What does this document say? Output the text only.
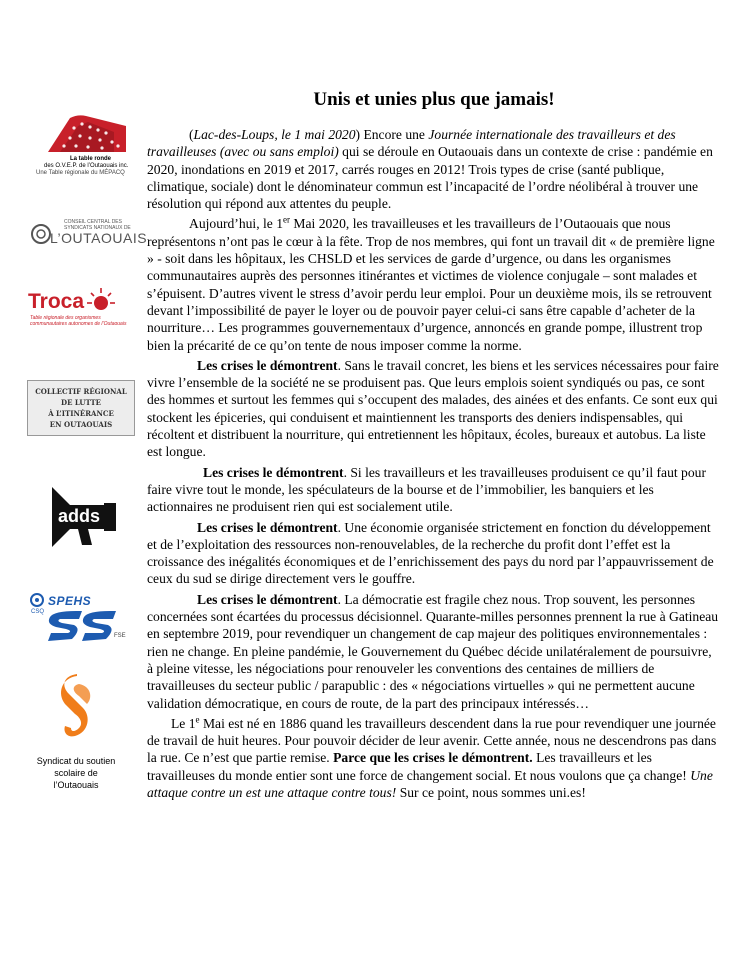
Unis et unies plus que jamais!

(Lac-des-Loups, le 1 mai 2020) Encore une Journée internationale des travailleurs et des travailleuses (avec ou sans emploi) qui se déroule en Outaouais dans un contexte de crise : pandémie en 2020, inondations en 2019 et 2017, carrés rouges en 2012! Trois types de crise (santé publique, climatique, sociale) dont le dénominateur commun est l’incapacité de l’ordre néolibéral à trouver une résolution qui répond aux attentes du peuple.

Aujourd’hui, le 1er Mai 2020, les travailleuses et les travailleurs de l’Outaouais que nous représentons n’ont pas le cœur à la fête. Trop de nos membres, qui font un travail dit « de première ligne » - soit dans les hôpitaux, les CHSLD et les services de garde d’urgence, ou dans les organismes communautaires auprès des personnes itinérantes et victimes de violence conjugale – sont malades et s’épuisent. D’autres vivent le stress d’avoir perdu leur emploi. Pour un deuxième mois, ils se retrouvent devant l’impossibilité de payer le loyer ou de pouvoir payer celui-ci sans être capable d’acheter de la nourriture… Les programmes gouvernementaux d’urgence, annoncés en grande pompe, illustrent trop bien la précarité de ce qu’on tente de nous imposer comme la norme.

Les crises le démontrent. Sans le travail concret, les biens et les services nécessaires pour faire vivre l’ensemble de la société ne se produisent pas. Que leurs emplois soient syndiqués ou pas, ce sont des hommes et surtout les femmes qui s’occupent des malades, des ainées et des enfants. Ce sont eux qui stockent les épiceries, qui conduisent et maintiennent les transports des deniers indispensables, qui récoltent et distribuent la nourriture, qui entretiennent les hôpitaux, écoles, bureaux et autobus. La liste est longue.

Les crises le démontrent. Si les travailleurs et les travailleuses produisent ce qu’il faut pour faire vivre tout le monde, les spéculateurs de la bourse et de l’immobilier, les banquiers et les actionnaires ne produisent rien qui est socialement utile.

Les crises le démontrent. Une économie organisée strictement en fonction du développement et de l’exploitation des ressources non-renouvelables, de la recherche du profit dont l’effet est la croissance des inégalités économiques et de l’enrichissement des pays du nord par l’appauvrissement de ceux du sud se dirige directement vers le gouffre.

Les crises le démontrent. La démocratie est fragile chez nous. Trop souvent, les personnes concernées sont écartées du processus décisionnel. Quarante-milles personnes prennent la rue à Gatineau en septembre 2019, pour revendiquer un changement de cap majeur des politiques environnementales : rien ne change. En pleine pandémie, le Gouvernement du Québec décide unilatéralement de poursuivre, à pleine vitesse, les négociations pour renouveler les conventions des centaines de milliers de travailleuses du secteur public / parapublic : des « négociations virtuelles » qui ne permettent aucune validation démocratique, en cours de route, de la part des principaux intéressés…

Le 1e Mai est né en 1886 quand les travailleurs descendent dans la rue pour revendiquer une journée de travail de huit heures. Pour pouvoir décider de leur avenir. Cette année, nous ne descendrons pas dans la rue. Ce n’est que partie remise. Parce que les crises le démontrent. Les travailleurs et les travailleuses du monde entier sont une force de changement social. Et nous voulons que ça change! Une attaque contre un est une attaque contre tous! Sur ce point, nous sommes uni.es!

La table ronde
des O.V.E.P. de l’Outaouais inc.
Une Table régionale du MÉPACQ
CONSEIL CENTRAL DES
SYNDICATS NATIONAUX DE
L’OUTAOUAIS
Troca
Table régionale des organismes
communautaires autonomes de l’Outaouais
COLLECTIF RÉGIONAL
DE LUTTE
À L’ITINÉRANCE
EN OUTAOUAIS
adds
CSQ
SPEHS
FSE
Syndicat du soutien
scolaire de
l’Outaouais
